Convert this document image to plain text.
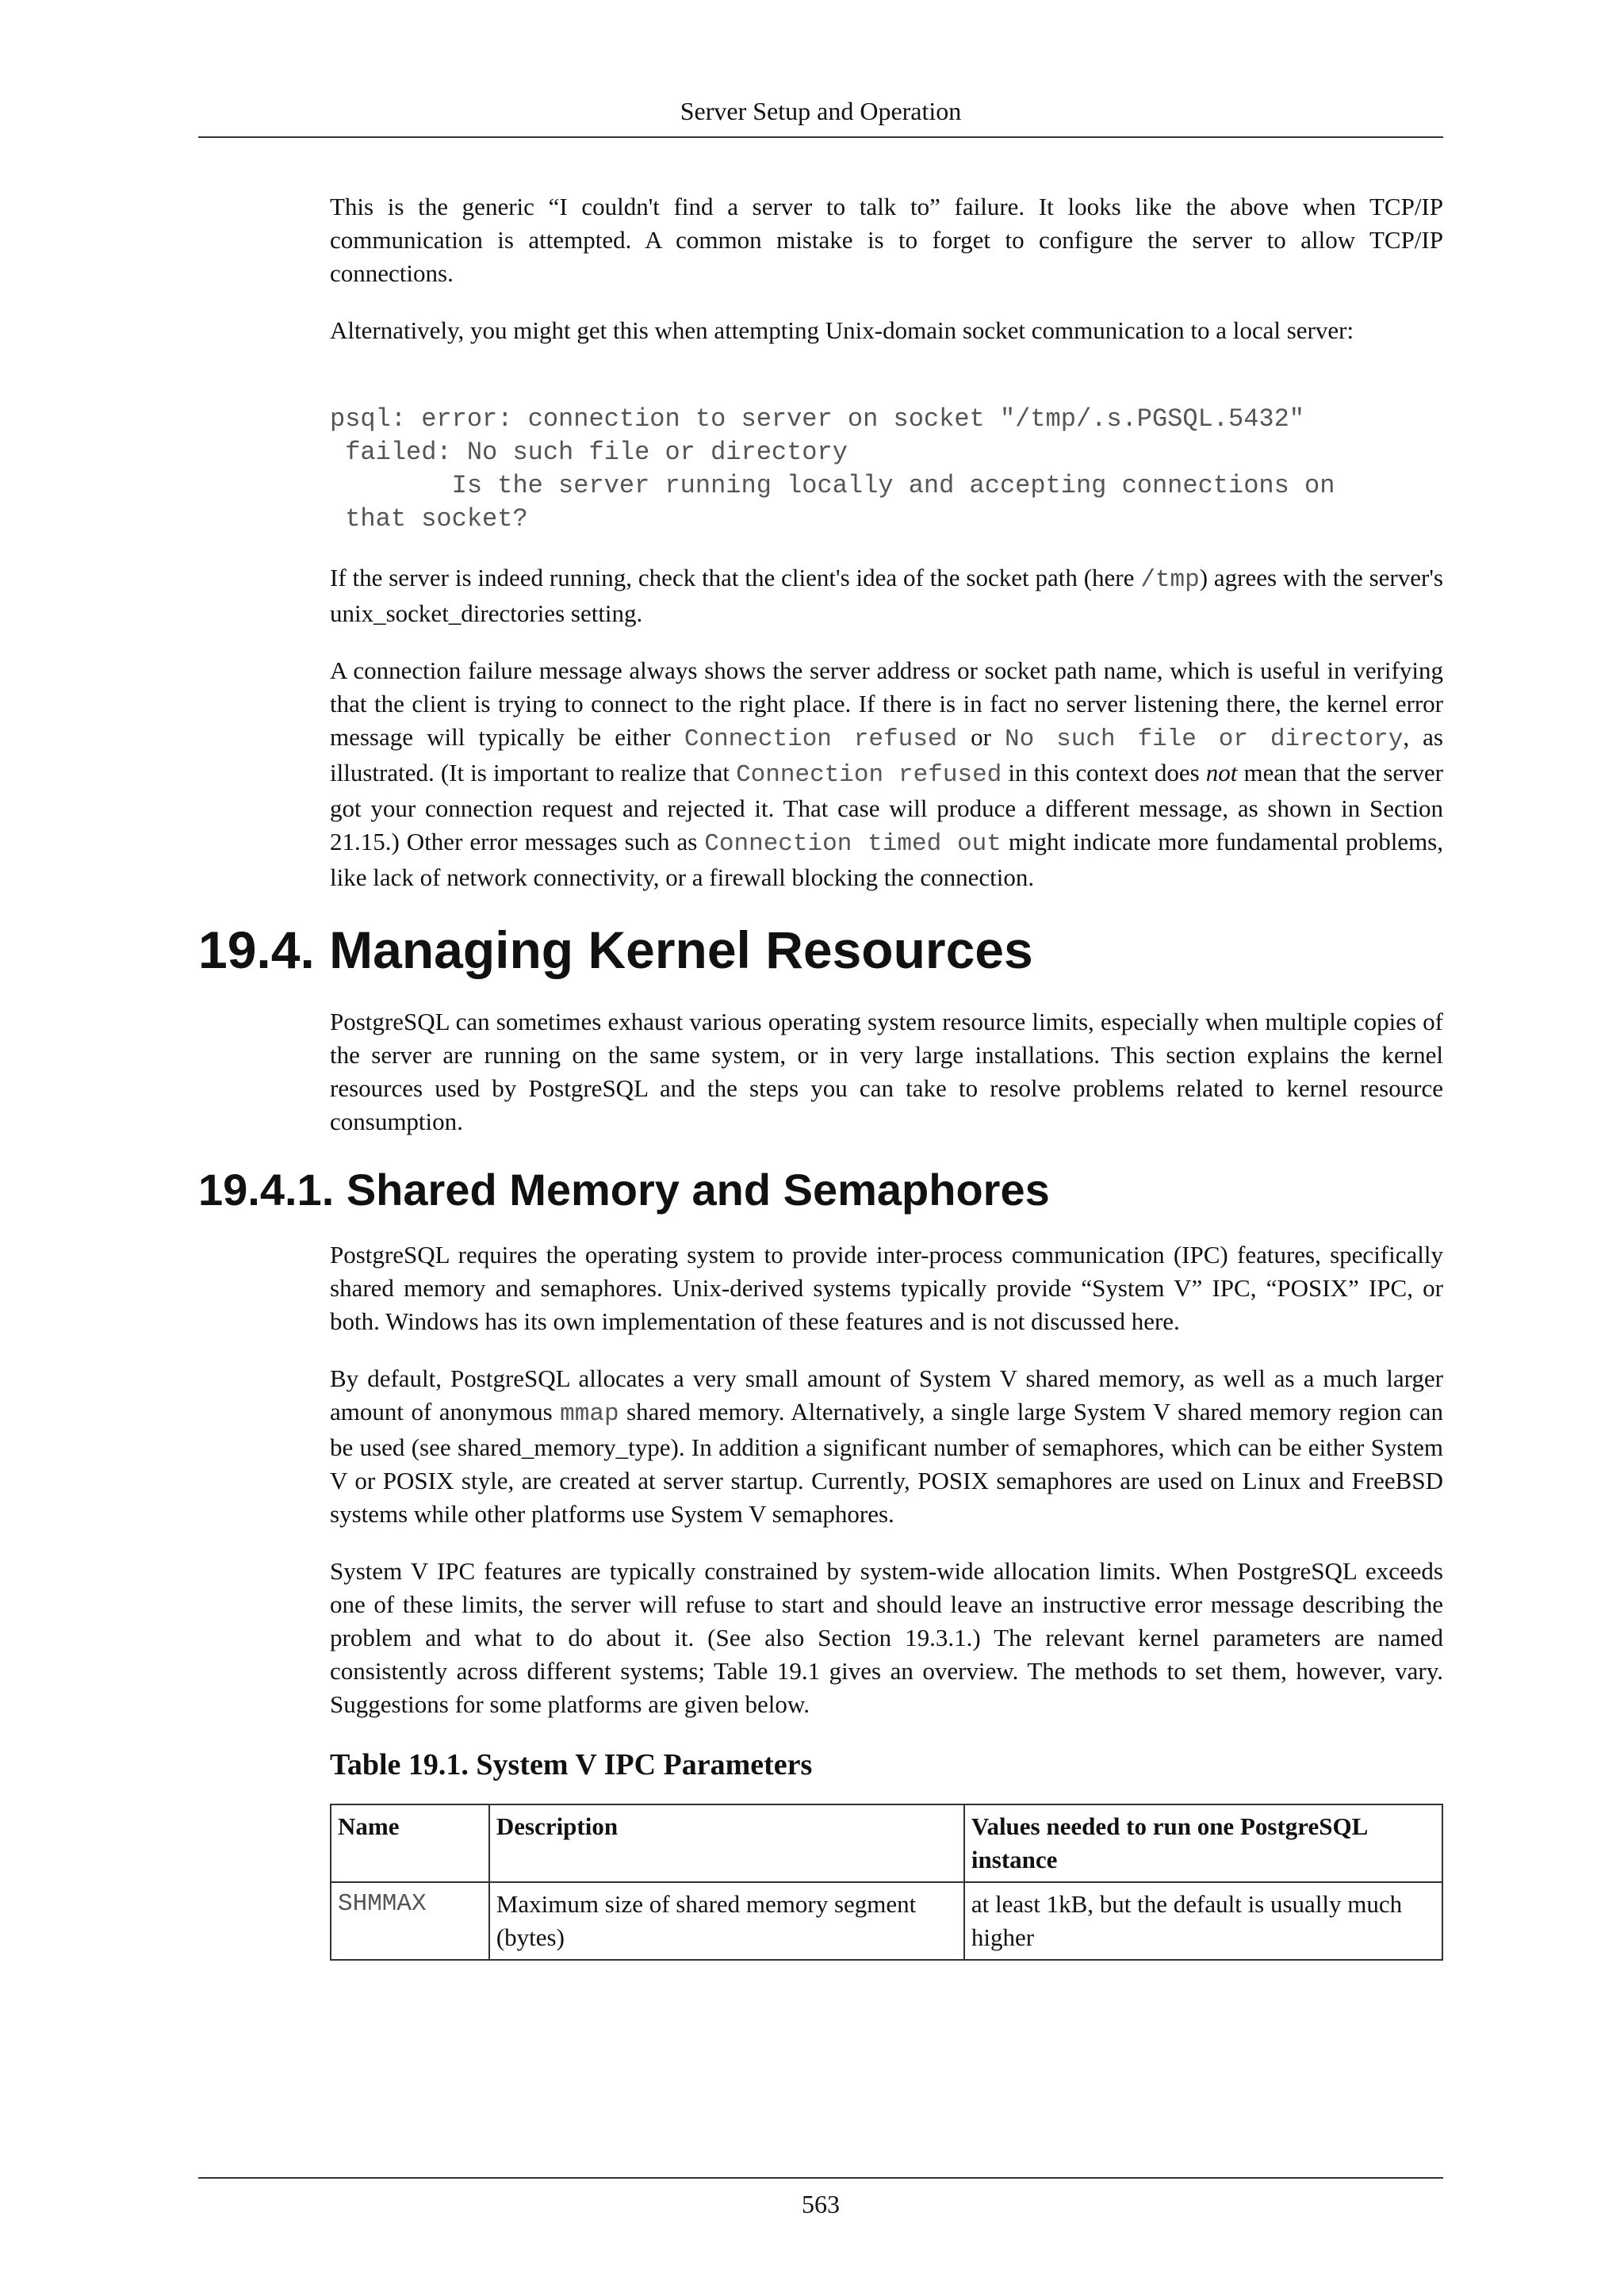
Server Setup and Operation

This is the generic “I couldn't find a server to talk to” failure. It looks like the above when TCP/IP communication is attempted. A common mistake is to forget to configure the server to allow TCP/IP connections.

Alternatively, you might get this when attempting Unix-domain socket communication to a local server:

psql: error: connection to server on socket "/tmp/.s.PGSQL.5432"
failed: No such file or directory
Is the server running locally and accepting connections on
that socket?

If the server is indeed running, check that the client's idea of the socket path (here /tmp) agrees with the server's unix_socket_directories setting.

A connection failure message always shows the server address or socket path name, which is useful in verifying that the client is trying to connect to the right place. If there is in fact no server listening there, the kernel error message will typically be either Connection refused or No such file or directory, as illustrated. (It is important to realize that Connection refused in this context does not mean that the server got your connection request and rejected it. That case will produce a different message, as shown in Section 21.15.) Other error messages such as Connection timed out might indicate more fundamental problems, like lack of network connectivity, or a firewall blocking the connection.

19.4. Managing Kernel Resources

PostgreSQL can sometimes exhaust various operating system resource limits, especially when multiple copies of the server are running on the same system, or in very large installations. This section explains the kernel resources used by PostgreSQL and the steps you can take to resolve problems related to kernel resource consumption.

19.4.1. Shared Memory and Semaphores

PostgreSQL requires the operating system to provide inter-process communication (IPC) features, specifically shared memory and semaphores. Unix-derived systems typically provide “System V” IPC, “POSIX” IPC, or both. Windows has its own implementation of these features and is not discussed here.

By default, PostgreSQL allocates a very small amount of System V shared memory, as well as a much larger amount of anonymous mmap shared memory. Alternatively, a single large System V shared memory region can be used (see shared_memory_type). In addition a significant number of semaphores, which can be either System V or POSIX style, are created at server startup. Currently, POSIX semaphores are used on Linux and FreeBSD systems while other platforms use System V semaphores.

System V IPC features are typically constrained by system-wide allocation limits. When PostgreSQL exceeds one of these limits, the server will refuse to start and should leave an instructive error message describing the problem and what to do about it. (See also Section 19.3.1.) The relevant kernel parameters are named consistently across different systems; Table 19.1 gives an overview. The methods to set them, however, vary. Suggestions for some platforms are given below.

Table 19.1. System V IPC Parameters
Name	Description	Values needed to run one PostgreSQL instance
SHMMAX	Maximum size of shared memory segment (bytes)	at least 1kB, but the default is usually much higher
563
